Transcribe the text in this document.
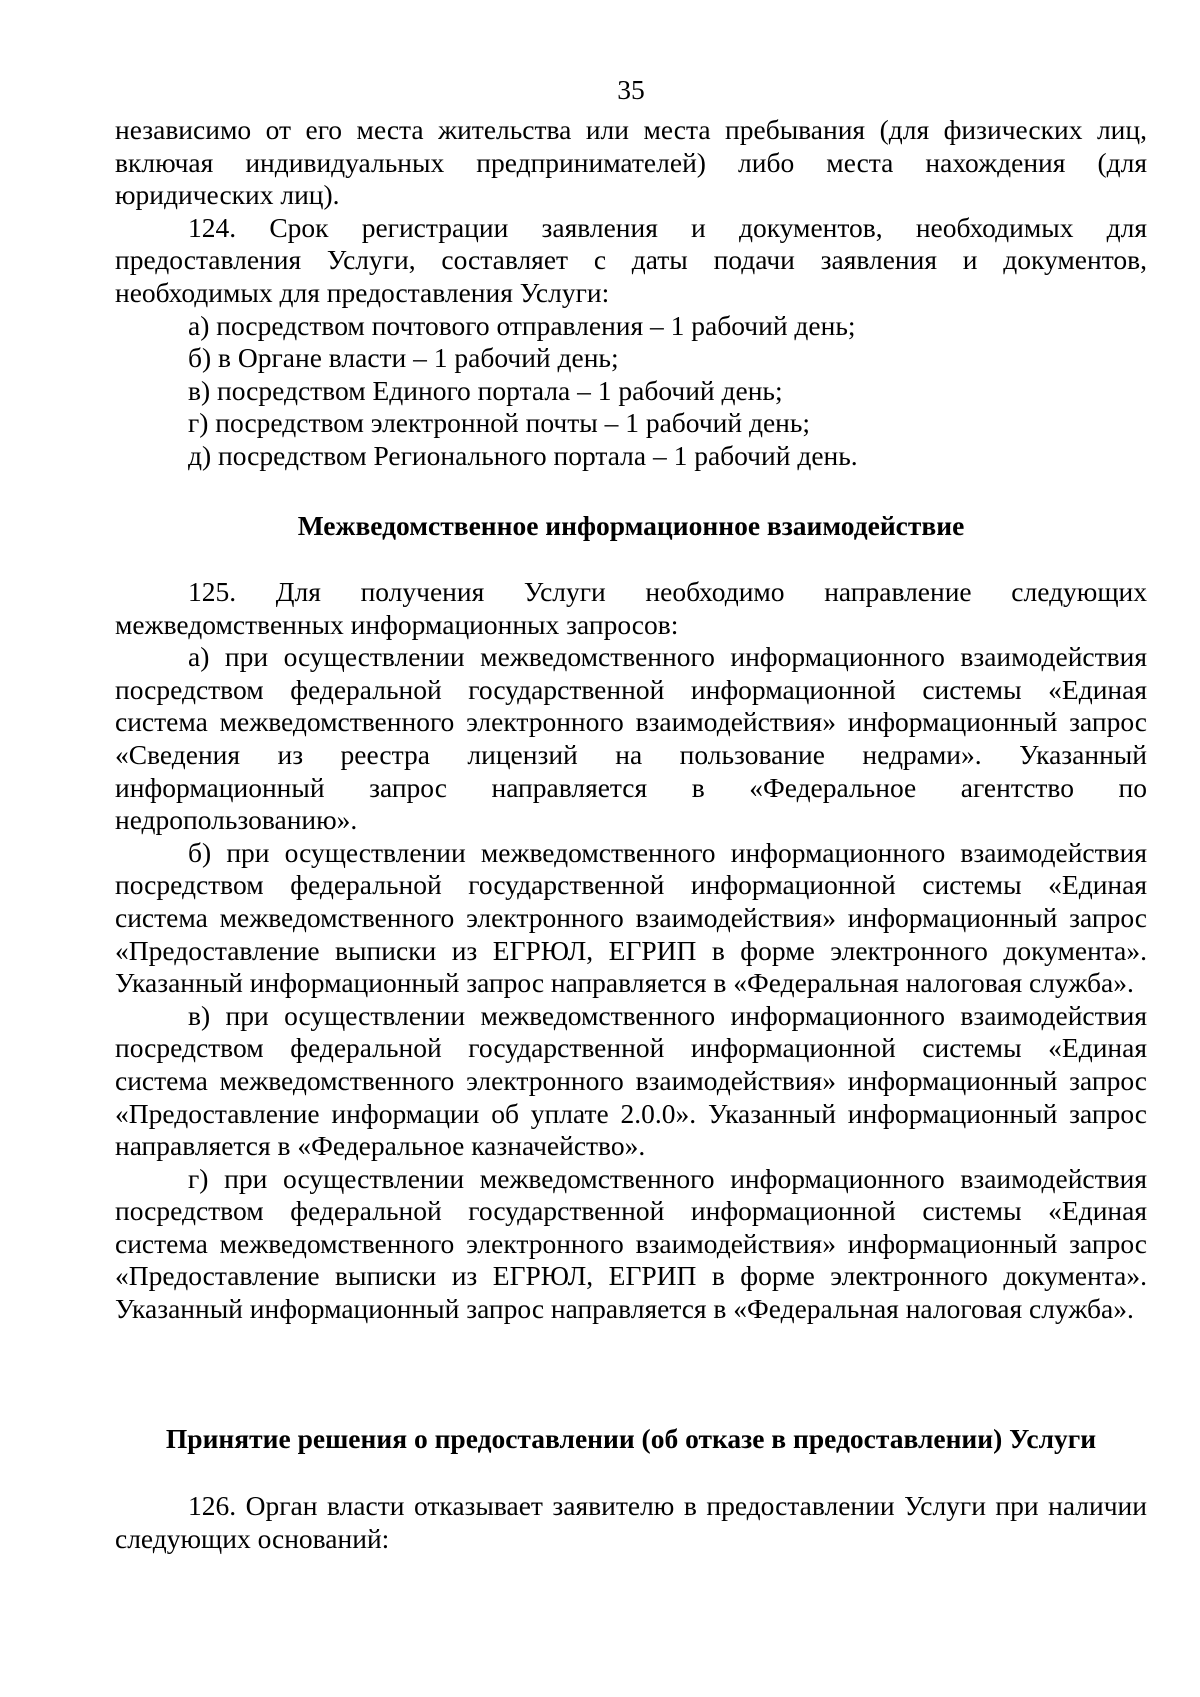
35

независимо от его места жительства или места пребывания (для физических лиц, включая индивидуальных предпринимателей) либо места нахождения (для юридических лиц).

124. Срок регистрации заявления и документов, необходимых для предоставления Услуги, составляет с даты подачи заявления и документов, необходимых для предоставления Услуги:

а) посредством почтового отправления – 1 рабочий день;

б) в Органе власти – 1 рабочий день;

в) посредством Единого портала – 1 рабочий день;

г) посредством электронной почты – 1 рабочий день;

д) посредством Регионального портала – 1 рабочий день.

Межведомственное информационное взаимодействие

125. Для получения Услуги необходимо направление следующих межведомственных информационных запросов:

а) при осуществлении межведомственного информационного взаимодействия посредством федеральной государственной информационной системы «Единая система межведомственного электронного взаимодействия» информационный запрос «Сведения из реестра лицензий на пользование недрами». Указанный информационный запрос направляется в «Федеральное агентство по недропользованию».

б) при осуществлении межведомственного информационного взаимодействия посредством федеральной государственной информационной системы «Единая система межведомственного электронного взаимодействия» информационный запрос «Предоставление выписки из ЕГРЮЛ, ЕГРИП в форме электронного документа». Указанный информационный запрос направляется в «Федеральная налоговая служба».

в) при осуществлении межведомственного информационного взаимодействия посредством федеральной государственной информационной системы «Единая система межведомственного электронного взаимодействия» информационный запрос «Предоставление информации об уплате 2.0.0». Указанный информационный запрос направляется в «Федеральное казначейство».

г) при осуществлении межведомственного информационного взаимодействия посредством федеральной государственной информационной системы «Единая система межведомственного электронного взаимодействия» информационный запрос «Предоставление выписки из ЕГРЮЛ, ЕГРИП в форме электронного документа». Указанный информационный запрос направляется в «Федеральная налоговая служба».

Принятие решения о предоставлении (об отказе в предоставлении) Услуги

126. Орган власти отказывает заявителю в предоставлении Услуги при наличии следующих оснований:
